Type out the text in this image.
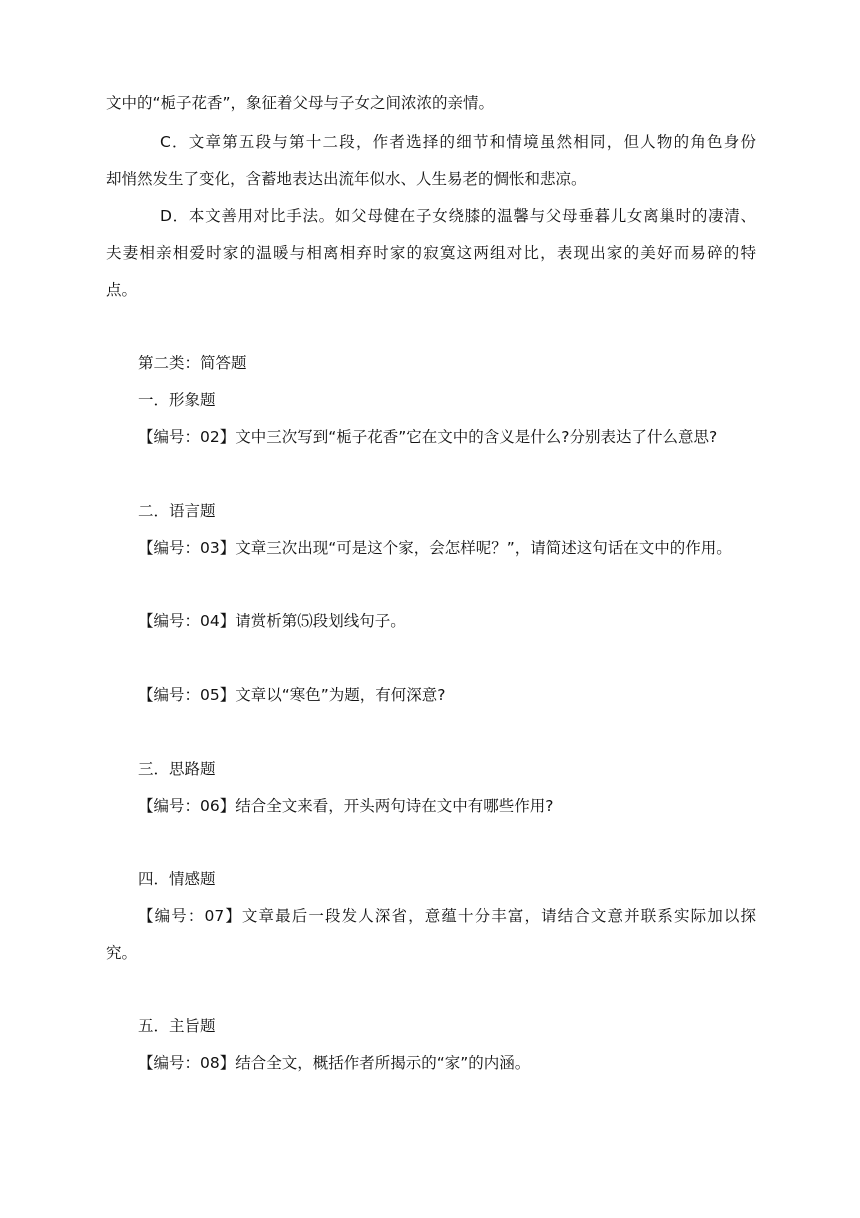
文中的“栀子花香”，象征着父母与子女之间浓浓的亲情。
C．文章第五段与第十二段，作者选择的细节和情境虽然相同，但人物的角色身份
却悄然发生了变化，含蓄地表达出流年似水、人生易老的惆怅和悲凉。
D．本文善用对比手法。如父母健在子女绕膝的温馨与父母垂暮儿女离巢时的凄清、
夫妻相亲相爱时家的温暖与相离相弃时家的寂寞这两组对比，表现出家的美好而易碎的特
点。
第二类：简答题
一．形象题
【编号：02】文中三次写到“栀子花香”它在文中的含义是什么?分别表达了什么意思?
二．语言题
【编号：03】文章三次出现“可是这个家，会怎样呢？”，请简述这句话在文中的作用。
【编号：04】请赏析第⑸段划线句子。
【编号：05】文章以“寒色”为题，有何深意?
三．思路题
【编号：06】结合全文来看，开头两句诗在文中有哪些作用?
四．情感题
【编号：07】文章最后一段发人深省，意蕴十分丰富，请结合文意并联系实际加以探
究。
五．主旨题
【编号：08】结合全文，概括作者所揭示的“家”的内涵。
